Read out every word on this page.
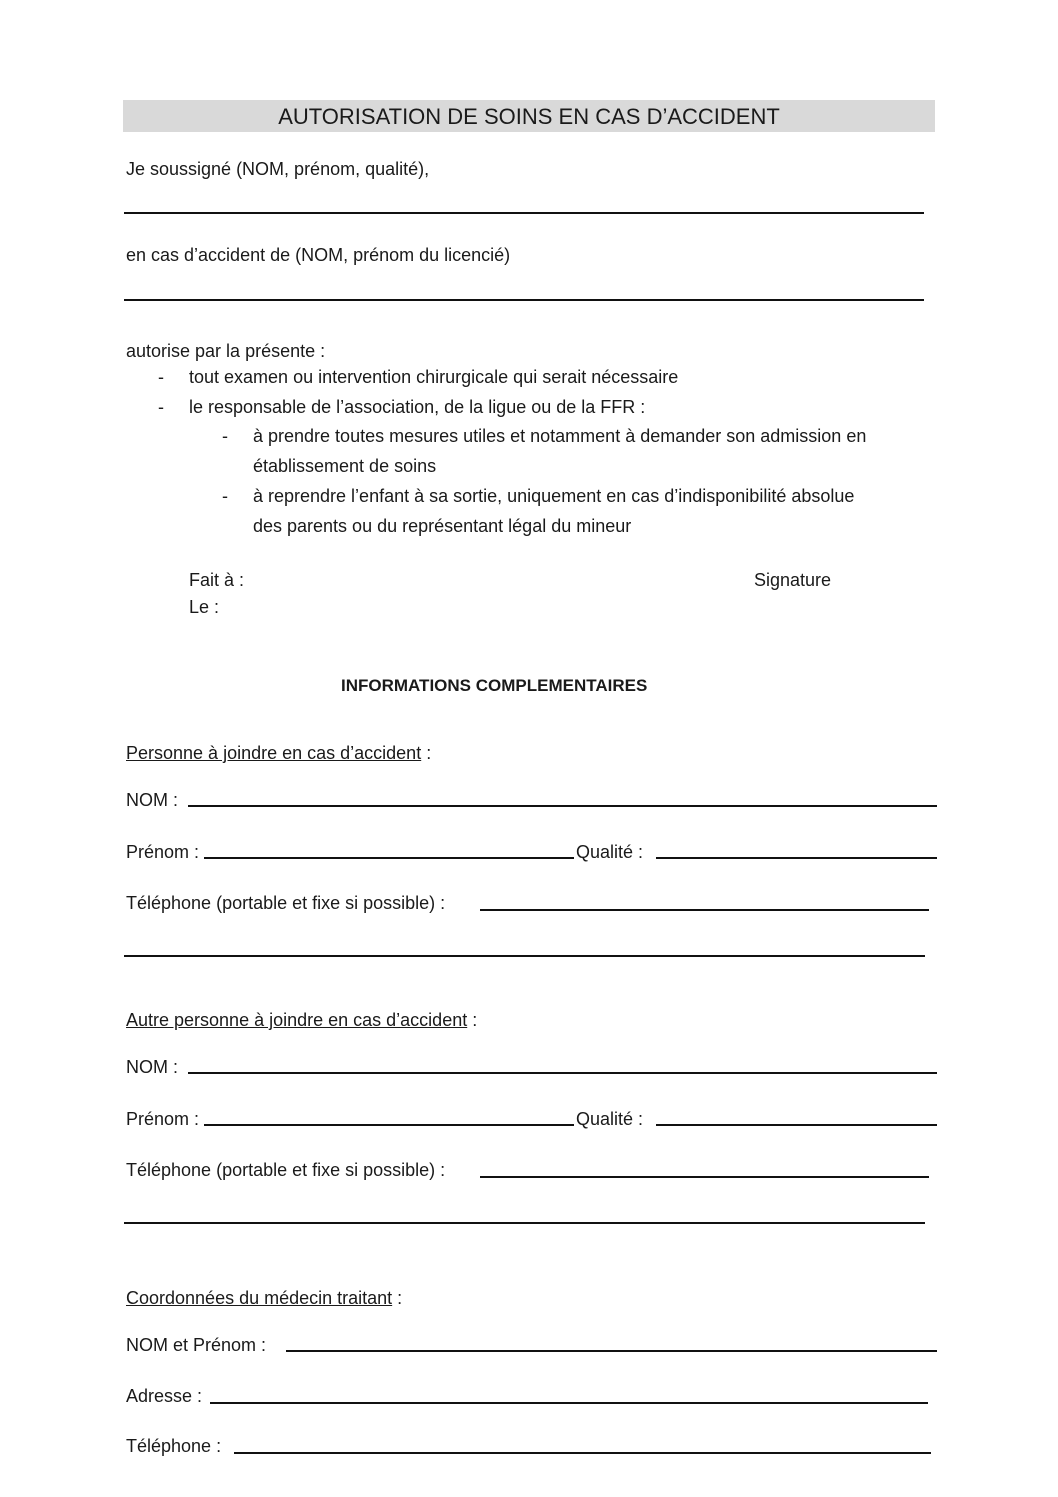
AUTORISATION DE SOINS EN CAS D’ACCIDENT
Je soussigné (NOM, prénom, qualité),
en cas d’accident de (NOM, prénom du licencié)
autorise par la présente :
- tout examen ou intervention chirurgicale qui serait nécessaire
- le responsable de l’association, de la ligue ou de la FFR :
- à prendre toutes mesures utiles et notamment à demander son admission en
établissement de soins
- à reprendre l’enfant à sa sortie, uniquement en cas d’indisponibilité absolue
des parents ou du représentant légal du mineur
Fait à :
Le :
Signature
INFORMATIONS COMPLEMENTAIRES
Personne à joindre en cas d’accident :
NOM :
Prénom :	Qualité :
Téléphone (portable et fixe si possible) :
Autre personne à joindre en cas d’accident :
NOM :
Prénom :	Qualité :
Téléphone (portable et fixe si possible) :
Coordonnées du médecin traitant :
NOM et Prénom :
Adresse :
Téléphone :
